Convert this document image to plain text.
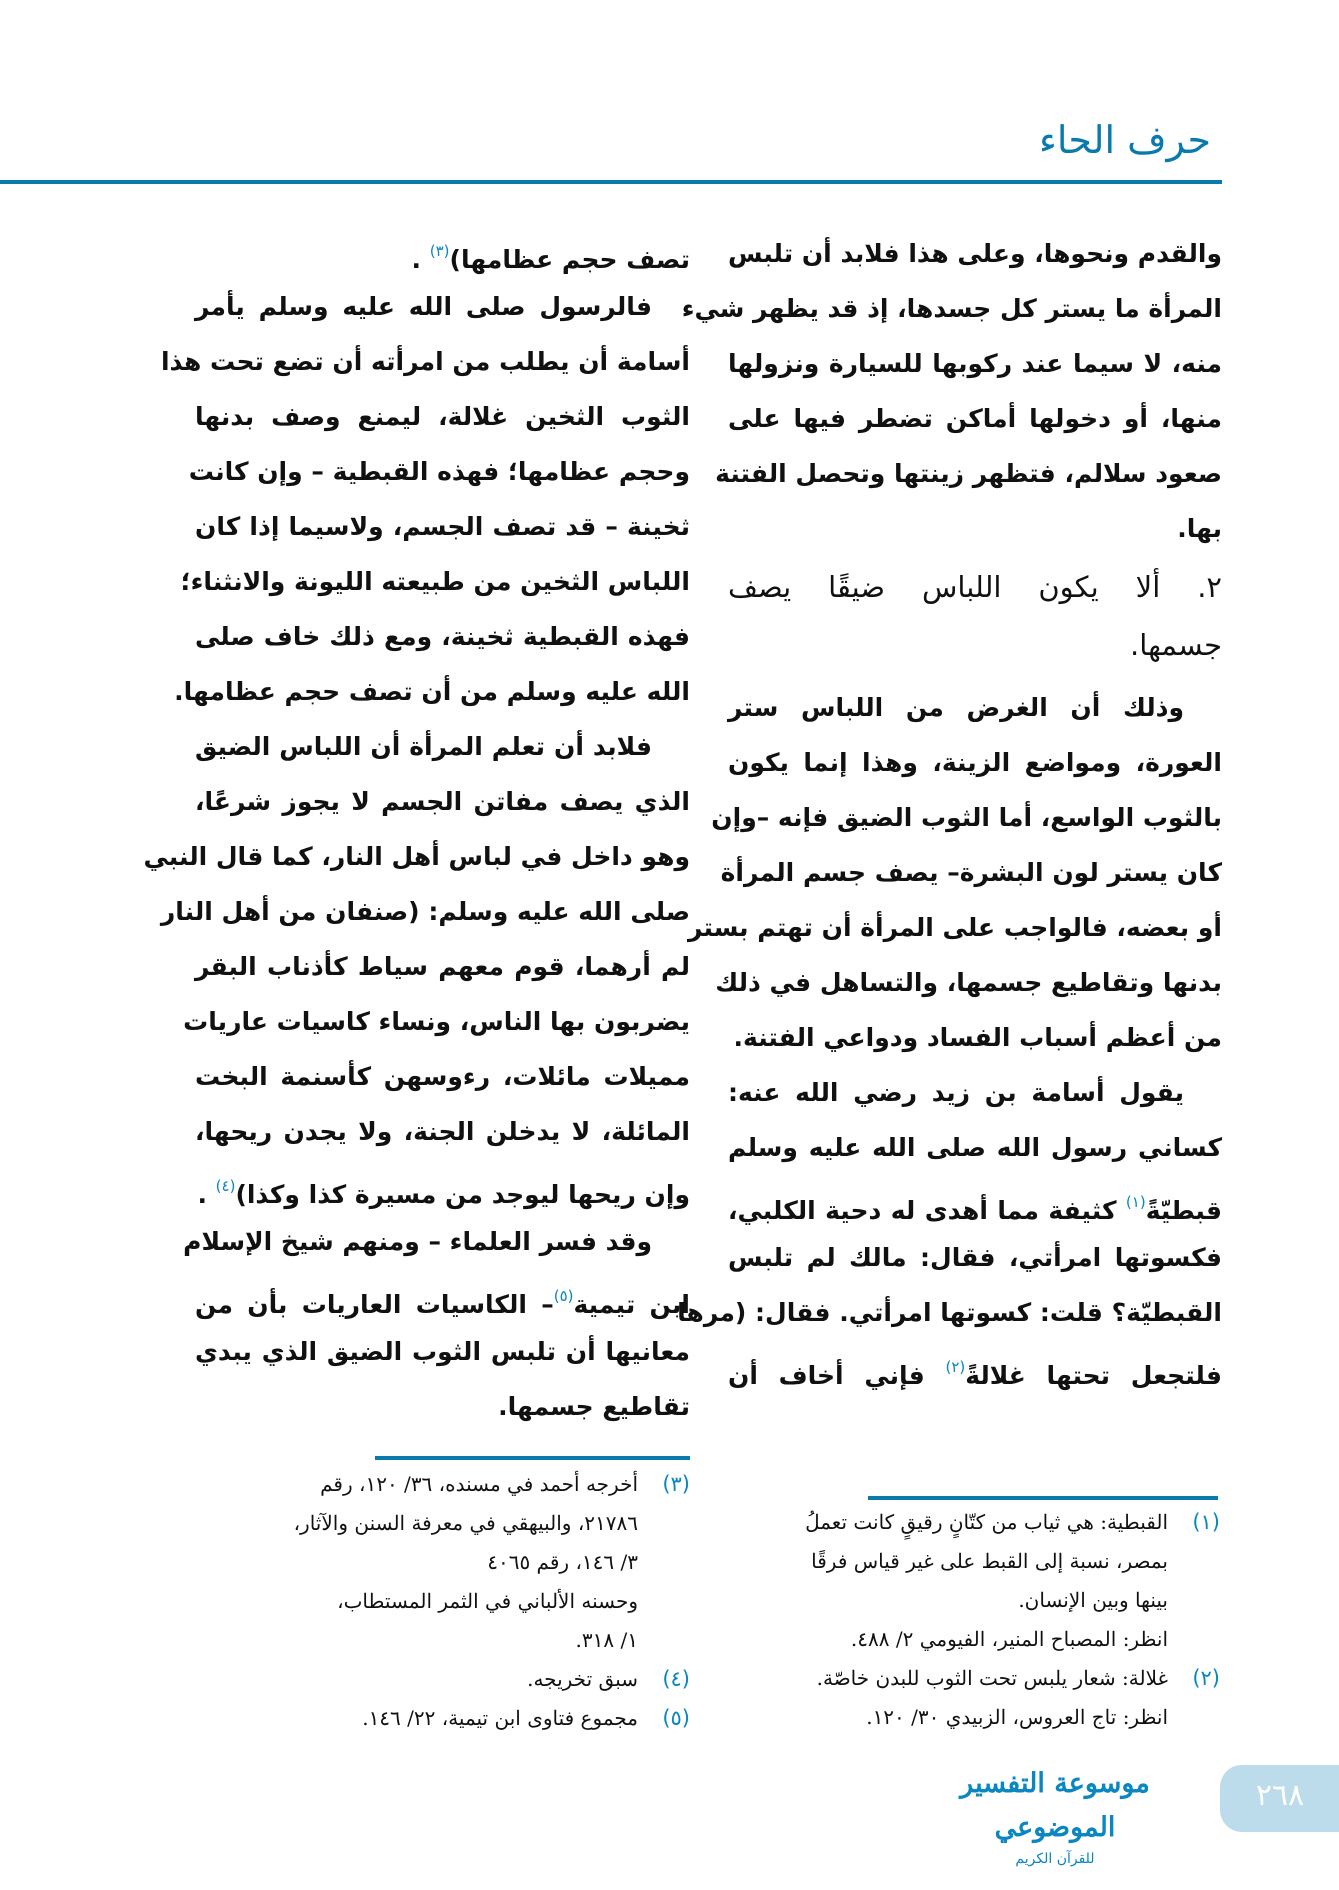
حرف الحاء
والقدم ونحوها، وعلى هذا فلابد أن تلبس
المرأة ما يستر كل جسدها، إذ قد يظهر شيء
منه، لا سيما عند ركوبها للسيارة ونزولها
منها، أو دخولها أماكن تضطر فيها على
صعود سلالم، فتظهر زينتها وتحصل الفتنة
بها.
٢. ألا يكون اللباس ضيقًا يصف
جسمها.
وذلك أن الغرض من اللباس ستر
العورة، ومواضع الزينة، وهذا إنما يكون
بالثوب الواسع، أما الثوب الضيق فإنه –وإن
كان يستر لون البشرة– يصف جسم المرأة
أو بعضه، فالواجب على المرأة أن تهتم بستر
بدنها وتقاطيع جسمها، والتساهل في ذلك
من أعظم أسباب الفساد ودواعي الفتنة.
يقول أسامة بن زيد رضي الله عنه:
كساني رسول الله صلى الله عليه وسلم
قبطيّةً$^{(١)}$ كثيفة مما أهدى له دحية الكلبي،
فكسوتها امرأتي، فقال: مالك لم تلبس
القبطيّة؟ قلت: كسوتها امرأتي. فقال: (مرها
فلتجعل تحتها غلالةً$^{(٢)}$ فإني أخاف أن
تصف حجم عظامها)$^{(٣)}$ .
فالرسول صلى الله عليه وسلم يأمر
أسامة أن يطلب من امرأته أن تضع تحت هذا
الثوب الثخين غلالة، ليمنع وصف بدنها
وحجم عظامها؛ فهذه القبطية – وإن كانت
ثخينة – قد تصف الجسم، ولاسيما إذا كان
اللباس الثخين من طبيعته الليونة والانثناء؛
فهذه القبطية ثخينة، ومع ذلك خاف صلى
الله عليه وسلم من أن تصف حجم عظامها.
فلابد أن تعلم المرأة أن اللباس الضيق
الذي يصف مفاتن الجسم لا يجوز شرعًا،
وهو داخل في لباس أهل النار، كما قال النبي
صلى الله عليه وسلم: (صنفان من أهل النار
لم أرهما، قوم معهم سياط كأذناب البقر
يضربون بها الناس، ونساء كاسيات عاريات
مميلات مائلات، رءوسهن كأسنمة البخت
المائلة، لا يدخلن الجنة، ولا يجدن ريحها،
وإن ريحها ليوجد من مسيرة كذا وكذا)$^{(٤)}$ .
وقد فسر العلماء – ومنهم شيخ الإسلام
ابن تيمية$^{(٥)}$– الكاسيات العاريات بأن من
معانيها أن تلبس الثوب الضيق الذي يبدي
تقاطيع جسمها.
(١)
القبطية: هي ثياب من كتّانٍ رقيقٍ كانت تعملُ
بمصر، نسبة إلى القبط على غير قياس فرقًا
بينها وبين الإنسان.
انظر: المصباح المنير، الفيومي ٢/ ٤٨٨.
(٢)
غلالة: شعار يلبس تحت الثوب للبدن خاصّة.
انظر: تاج العروس، الزبيدي ٣٠/ ١٢٠.
(٣)
أخرجه أحمد في مسنده، ٣٦/ ١٢٠، رقم
٢١٧٨٦، والبيهقي في معرفة السنن والآثار،
٣/ ١٤٦، رقم ٤٠٦٥
وحسنه الألباني في الثمر المستطاب،
١/ ٣١٨.
(٤)
سبق تخريجه.
(٥)
مجموع فتاوى ابن تيمية، ٢٢/ ١٤٦.
موسوعة التفسير الموضوعي
للقرآن الكريم
٢٦٨
